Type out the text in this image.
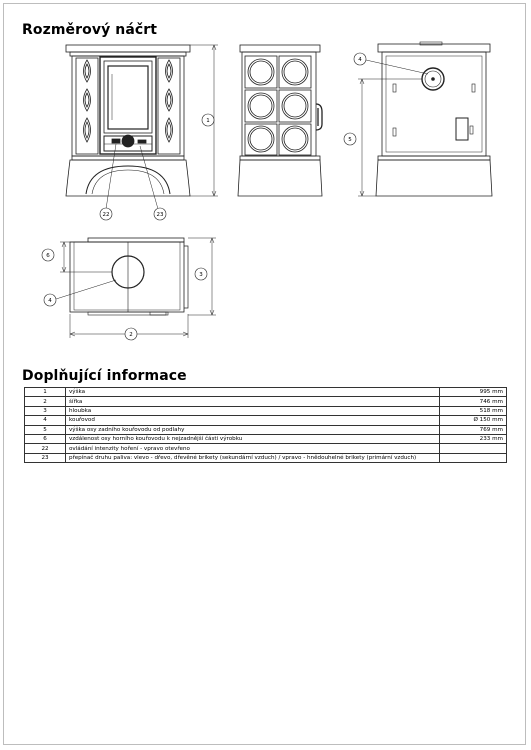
Rozměrový náčrt
1
22	23
4
5
6
4
3
2
Doplňující informace
1	výška	995 mm
2	šířka	746 mm
3	hloubka	518 mm
4	kouřovod	Ø 150 mm
5	výška osy zadního kouřovodu od podlahy	769 mm
6	vzdálenost osy horního kouřovodu k nejzadnější části výrobku	233 mm
22	ovládání intenzity hoření - vpravo otevřeno	
23	přepínač druhu paliva: vlevo - dřevo, dřevěné brikety (sekundární vzduch) / vpravo - hnědouhelné brikety (primární vzduch)	
